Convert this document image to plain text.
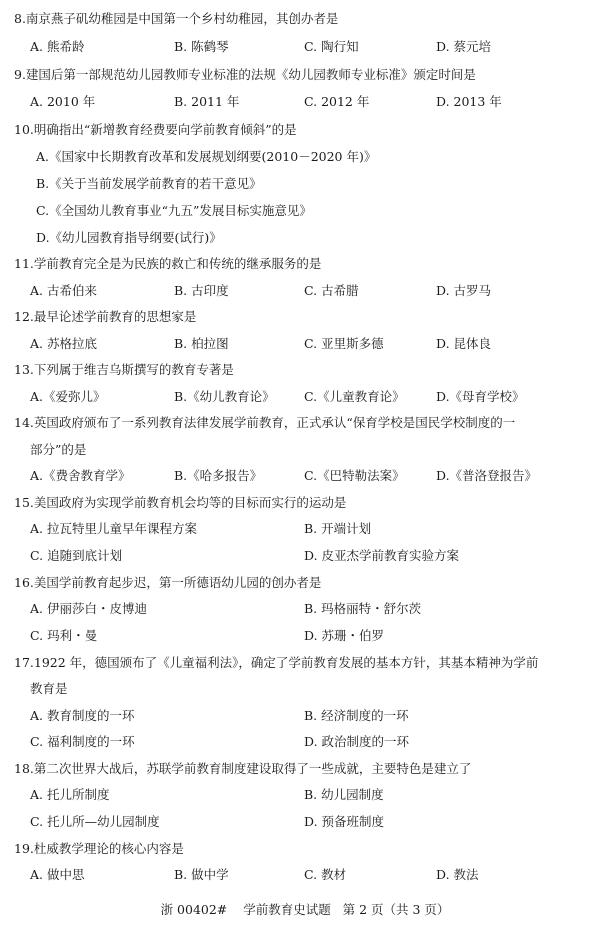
8.南京燕子矶幼稚园是中国第一个乡村幼稚园，其创办者是
A. 熊希龄	B. 陈鹤琴	C. 陶行知	D. 蔡元培
9.建国后第一部规范幼儿园教师专业标准的法规《幼儿园教师专业标准》颁定时间是
A. 2010 年	B. 2011 年	C. 2012 年	D. 2013 年
10.明确指出“新增教育经费要向学前教育倾斜”的是
A.《国家中长期教育改革和发展规划纲要(2010－2020 年)》
B.《关于当前发展学前教育的若干意见》
C.《全国幼儿教育事业“九五”发展目标实施意见》
D.《幼儿园教育指导纲要(试行)》
11.学前教育完全是为民族的救亡和传统的继承服务的是
A. 古希伯来	B. 古印度	C. 古希腊	D. 古罗马
12.最早论述学前教育的思想家是
A. 苏格拉底	B. 柏拉图	C. 亚里斯多德	D. 昆体良
13.下列属于维吉乌斯撰写的教育专著是
A.《爱弥儿》	B.《幼儿教育论》 C.《儿童教育论》	D.《母育学校》
14.英国政府颁布了一系列教育法律发展学前教育，正式承认“保育学校是国民学校制度的一
部分”的是
A.《费舍教育学》	B.《哈多报告》	C.《巴特勒法案》	D.《普洛登报告》
15.美国政府为实现学前教育机会均等的目标而实行的运动是
A. 拉瓦特里儿童早年课程方案	B. 开端计划
C. 追随到底计划	D. 皮亚杰学前教育实验方案
16.美国学前教育起步迟，第一所德语幼儿园的创办者是
A. 伊丽莎白・皮博迪	B. 玛格丽特・舒尔茨
C. 玛利・曼	D. 苏珊・伯罗
17.1922 年，德国颁布了《儿童福利法》，确定了学前教育发展的基本方针，其基本精神为学前
教育是
A. 教育制度的一环	B. 经济制度的一环
C. 福利制度的一环	D. 政治制度的一环
18.第二次世界大战后，苏联学前教育制度建设取得了一些成就，主要特色是建立了
A. 托儿所制度	B. 幼儿园制度
C. 托儿所—幼儿园制度	D. 预备班制度
19.杜威教学理论的核心内容是
A. 做中思	B. 做中学	C. 教材	D. 教法
浙 00402# 学前教育史试题 第 2 页（共 3 页）
